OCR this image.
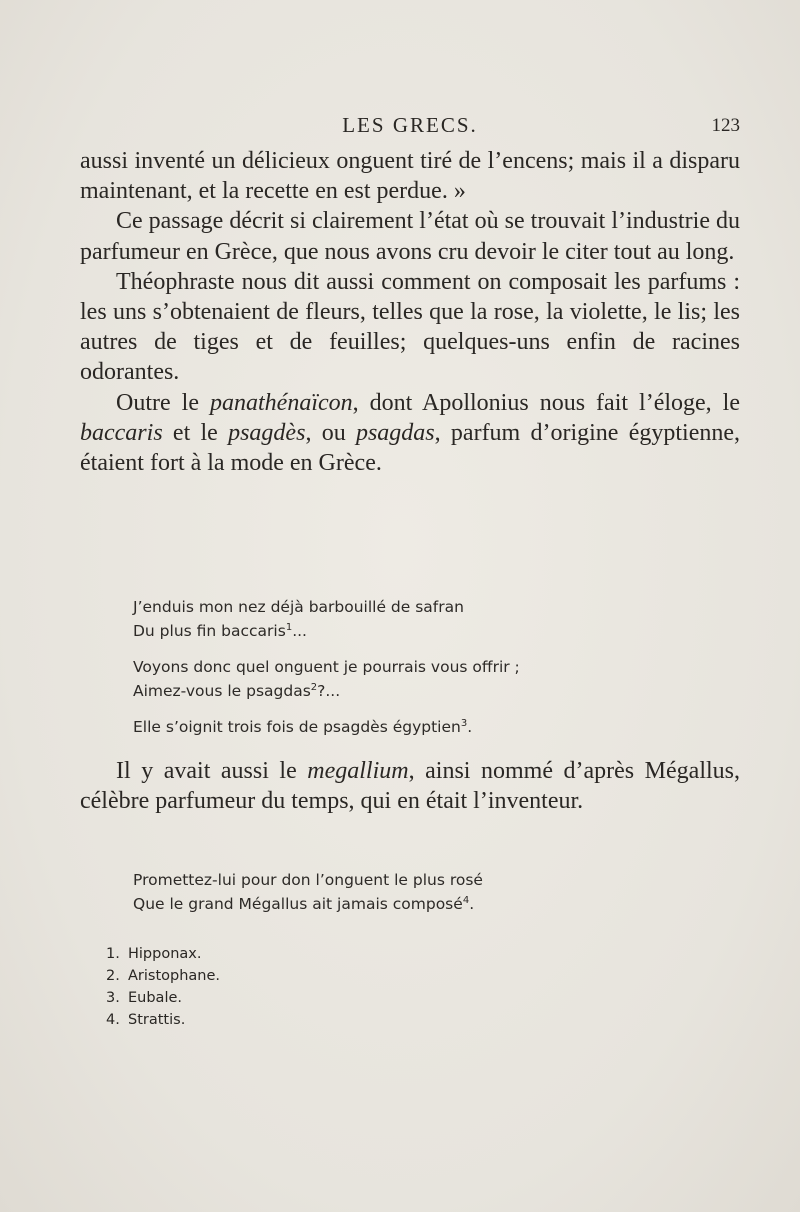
LES GRECS.	123

aussi inventé un délicieux onguent tiré de l’encens; mais il a disparu maintenant, et la recette en est perdue. »

Ce passage décrit si clairement l’état où se trouvait l’industrie du parfumeur en Grèce, que nous avons cru devoir le citer tout au long.

Théophraste nous dit aussi comment on composait les parfums : les uns s’obtenaient de fleurs, telles que la rose, la violette, le lis; les autres de tiges et de feuilles; quelques-uns enfin de racines odorantes.

Outre le panathénaïcon, dont Apollonius nous fait l’éloge, le baccaris et le psagdès, ou psagdas, parfum d’origine égyptienne, étaient fort à la mode en Grèce.

J’enduis mon nez déjà barbouillé de safran
Du plus fin baccaris$^1$...
Voyons donc quel onguent je pourrais vous offrir ;
Aimez-vous le psagdas$^2$?...
Elle s’oignit trois fois de psagdès égyptien$^3$.

Il y avait aussi le megallium, ainsi nommé d’après Mégallus, célèbre parfumeur du temps, qui en était l’inventeur.

Promettez-lui pour don l’onguent le plus rosé
Que le grand Mégallus ait jamais composé$^4$.
1. Hipponax.
2. Aristophane.
3. Eubale.
4. Strattis.
